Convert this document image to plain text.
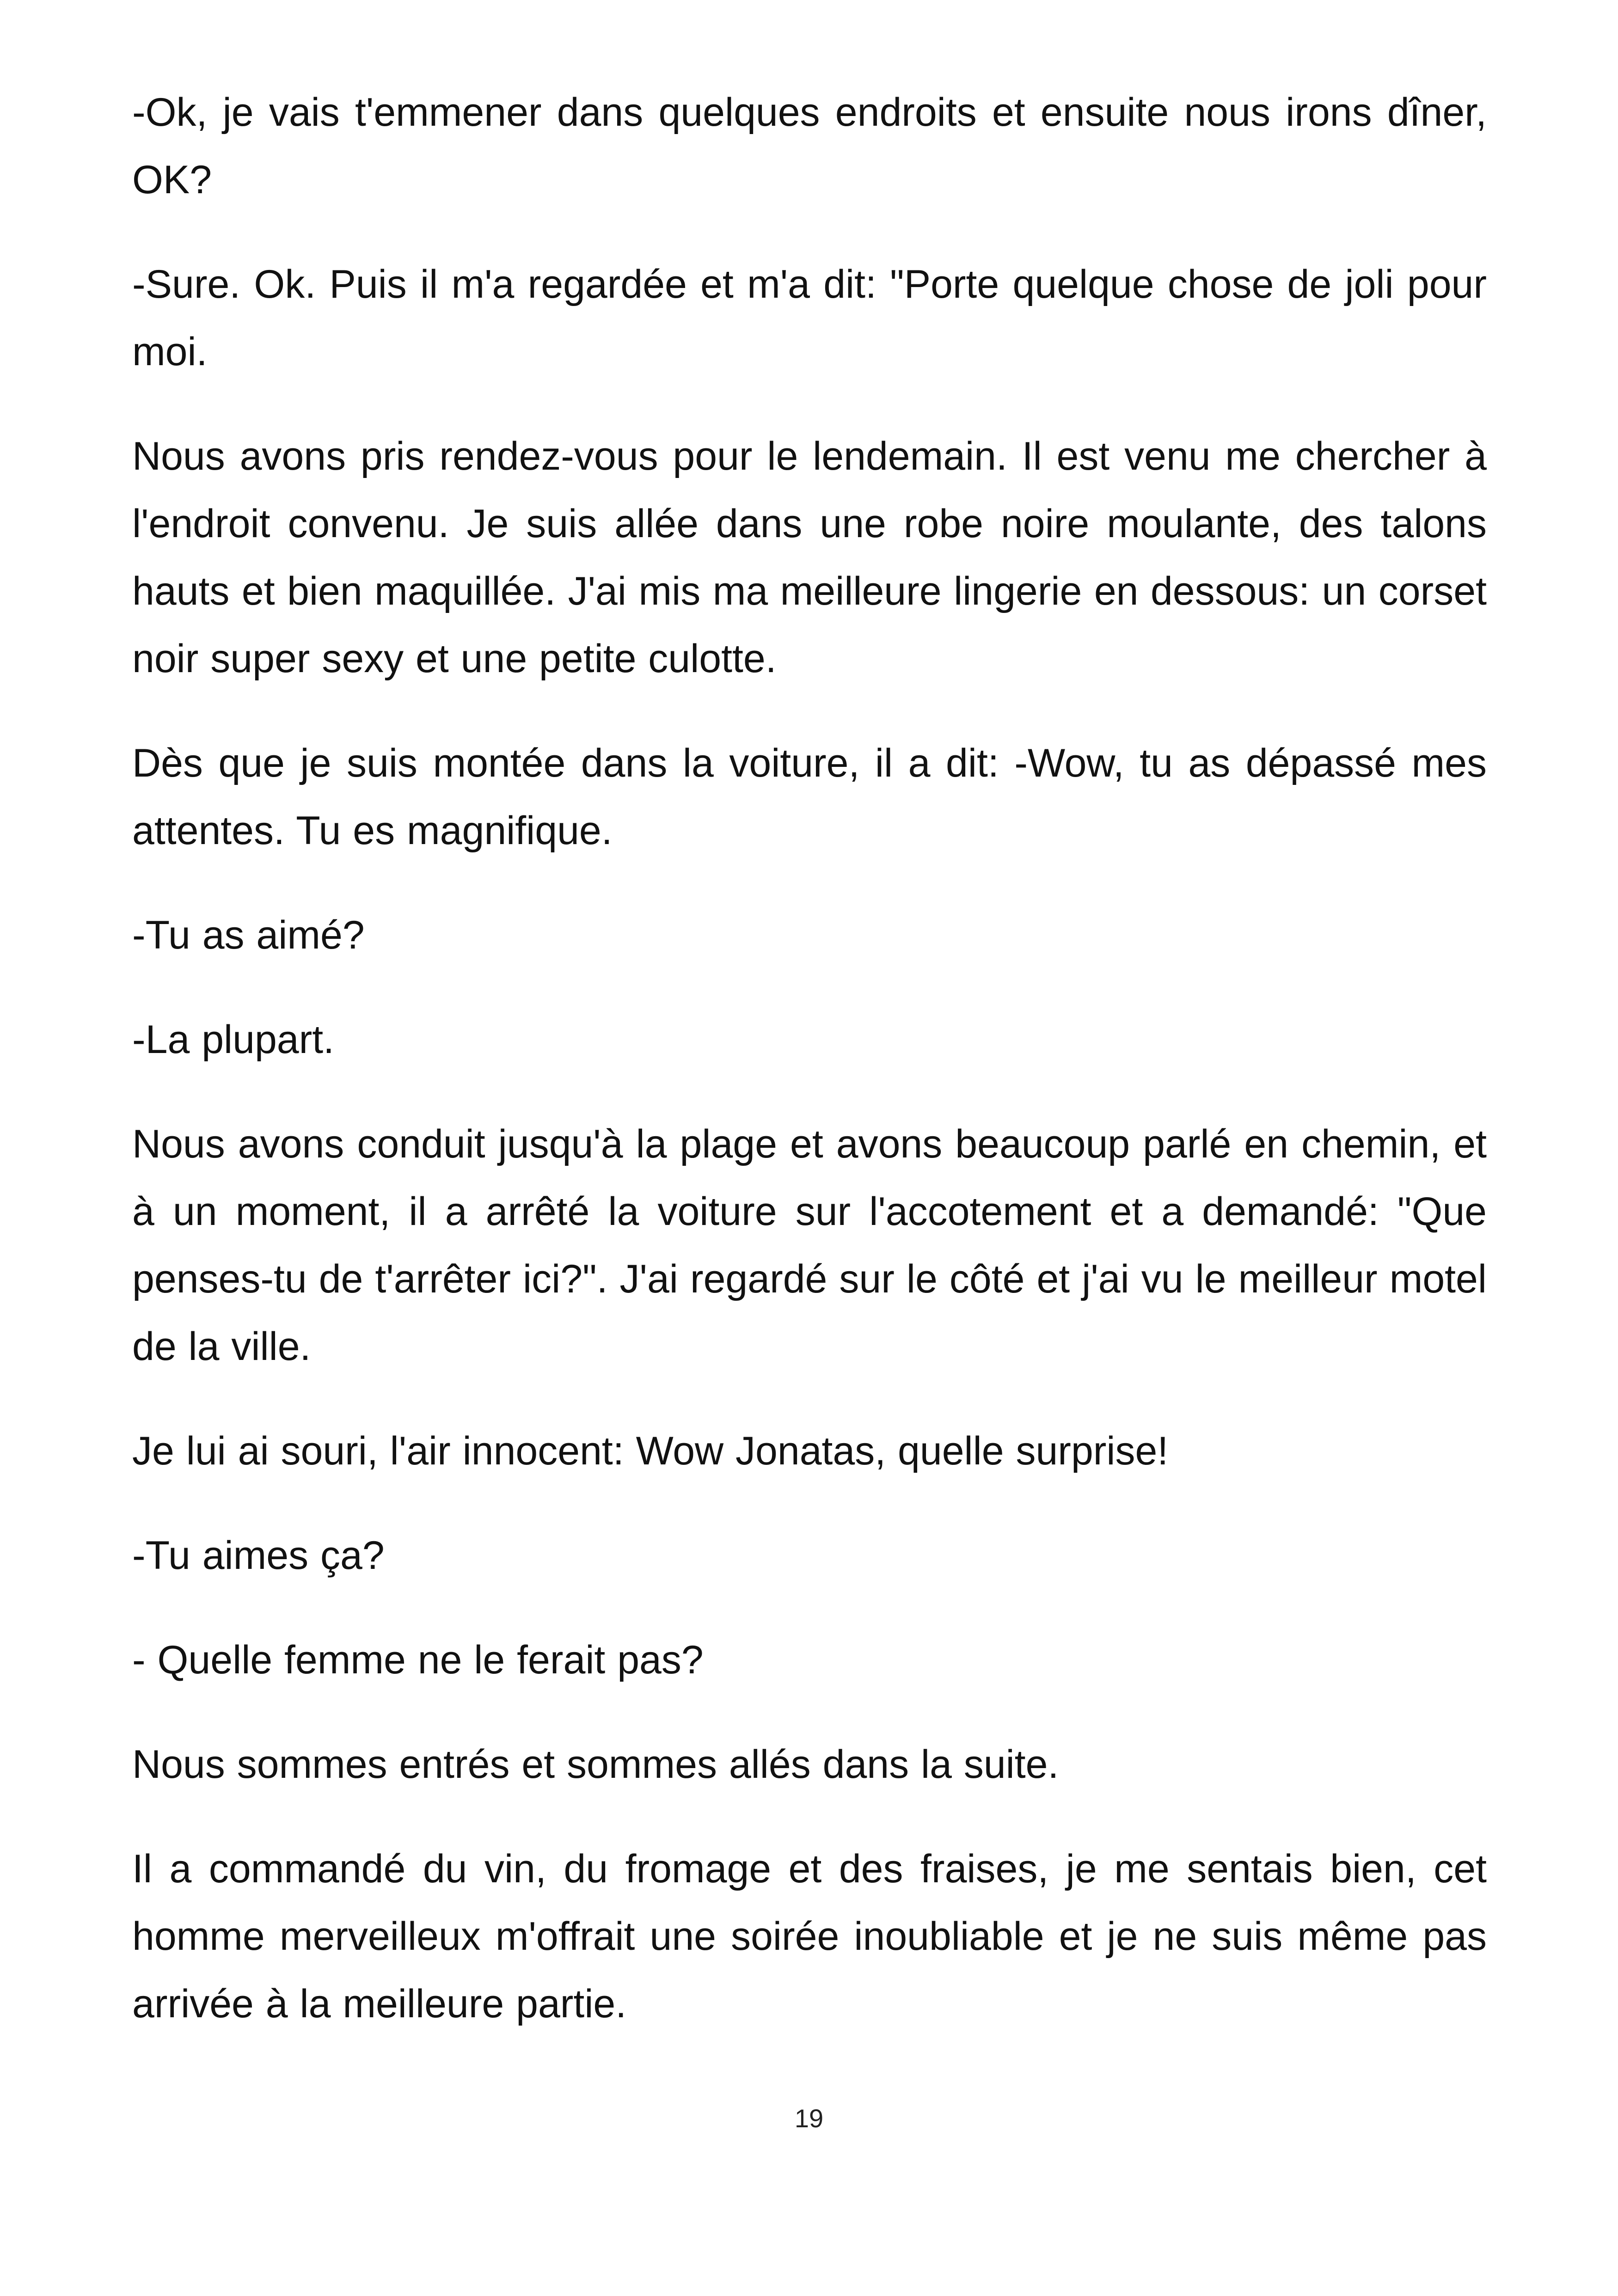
-Ok, je vais t'emmener dans quelques endroits et ensuite nous irons dîner, OK?

-Sure. Ok. Puis il m'a regardée et m'a dit: "Porte quelque chose de joli pour moi.

Nous avons pris rendez-vous pour le lendemain. Il est venu me chercher à l'endroit convenu. Je suis allée dans une robe noire moulante, des talons hauts et bien maquillée. J'ai mis ma meilleure lingerie en dessous: un corset noir super sexy et une petite culotte.

Dès que je suis montée dans la voiture, il a dit: -Wow, tu as dépassé mes attentes. Tu es magnifique.

-Tu as aimé?

-La plupart.

Nous avons conduit jusqu'à la plage et avons beaucoup parlé en chemin, et à un moment, il a arrêté la voiture sur l'accotement et a demandé: "Que penses-tu de t'arrêter ici?". J'ai regardé sur le côté et j'ai vu le meilleur motel de la ville.

Je lui ai souri, l'air innocent: Wow Jonatas, quelle surprise!

-Tu aimes ça?

- Quelle femme ne le ferait pas?

Nous sommes entrés et sommes allés dans la suite.

Il a commandé du vin, du fromage et des fraises, je me sentais bien, cet homme merveilleux m'offrait une soirée inoubliable et je ne suis même pas arrivée à la meilleure partie.

19
